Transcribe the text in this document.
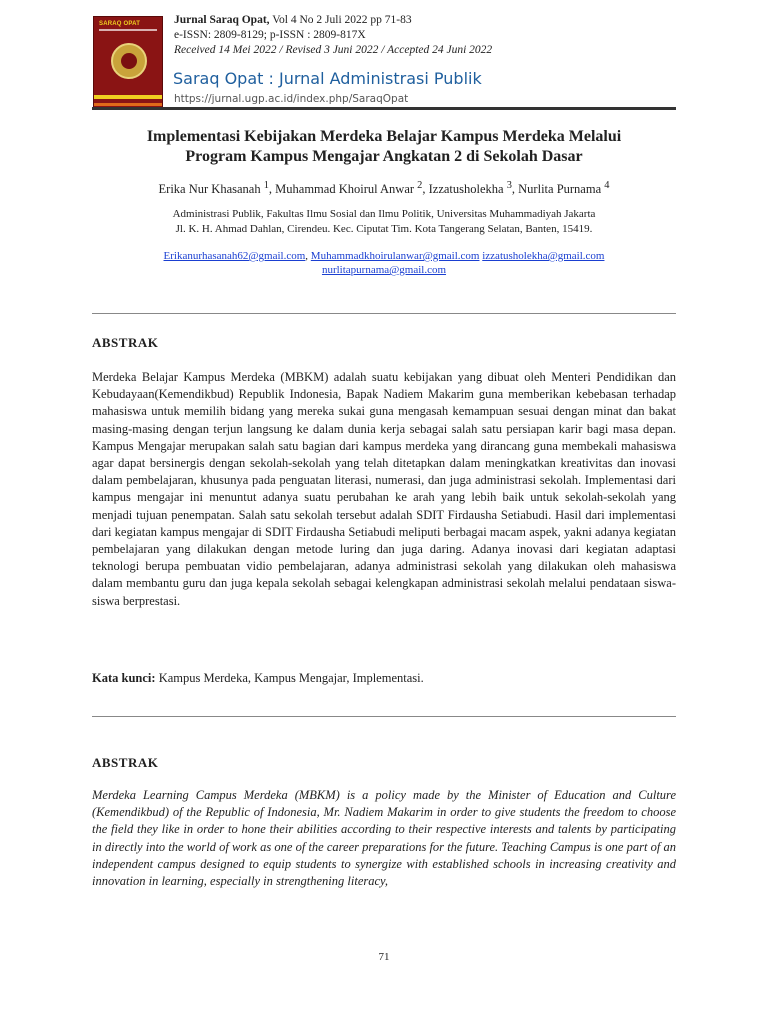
SARAQ OPAT	Jurnal Saraq Opat, Vol 4 No 2 Juli 2022 pp 71-83
e-ISSN: 2809-8129; p-ISSN : 2809-817X
Received 14 Mei 2022 / Revised 3 Juni 2022 / Accepted 24 Juni 2022
Saraq Opat : Jurnal Administrasi Publik
https://jurnal.ugp.ac.id/index.php/SaraqOpat
Implementasi Kebijakan Merdeka Belajar Kampus Merdeka Melalui
Program Kampus Mengajar Angkatan 2 di Sekolah Dasar
Erika Nur Khasanah $^1$, Muhammad Khoirul Anwar $^2$, Izzatusholekha $^3$, Nurlita Purnama $^4$
Administrasi Publik, Fakultas Ilmu Sosial dan Ilmu Politik, Universitas Muhammadiyah Jakarta
Jl. K. H. Ahmad Dahlan, Cirendeu. Kec. Ciputat Tim. Kota Tangerang Selatan, Banten, 15419.
Erikanurhasanah62@gmail.com, Muhammadkhoirulanwar@gmail.com izzatusholekha@gmail.com
nurlitapurnama@gmail.com
ABSTRAK

Merdeka Belajar Kampus Merdeka (MBKM) adalah suatu kebijakan yang dibuat oleh Menteri Pendidikan dan Kebudayaan(Kemendikbud) Republik Indonesia, Bapak Nadiem Makarim guna memberikan kebebasan terhadap mahasiswa untuk memilih bidang yang mereka sukai guna mengasah kemampuan sesuai dengan minat dan bakat masing-masing dengan terjun langsung ke dalam dunia kerja sebagai salah satu persiapan karir bagi masa depan. Kampus Mengajar merupakan salah satu bagian dari kampus merdeka yang dirancang guna membekali mahasiswa agar dapat bersinergis dengan sekolah-sekolah yang telah ditetapkan dalam meningkatkan kreativitas dan inovasi dalam pembelajaran, khusunya pada penguatan literasi, numerasi, dan juga administrasi sekolah. Implementasi dari kampus mengajar ini menuntut adanya suatu perubahan ke arah yang lebih baik untuk sekolah-sekolah yang menjadi tujuan penempatan. Salah satu sekolah tersebut adalah SDIT Firdausha Setiabudi. Hasil dari implementasi dari kegiatan kampus mengajar di SDIT Firdausha Setiabudi meliputi berbagai macam aspek, yakni adanya kegiatan pembelajaran yang dilakukan dengan metode luring dan juga daring. Adanya inovasi dari kegiatan adaptasi teknologi berupa pembuatan vidio pembelajaran, adanya administrasi sekolah yang dilakukan oleh mahasiswa dalam membantu guru dan juga kepala sekolah sebagai kelengkapan administrasi sekolah melalui pendataan siswa-siswa berprestasi.

Kata kunci: Kampus Merdeka, Kampus Mengajar, Implementasi.
ABSTRAK

Merdeka Learning Campus Merdeka (MBKM) is a policy made by the Minister of Education and Culture (Kemendikbud) of the Republic of Indonesia, Mr. Nadiem Makarim in order to give students the freedom to choose the field they like in order to hone their abilities according to their respective interests and talents by participating in directly into the world of work as one of the career preparations for the future. Teaching Campus is one part of an independent campus designed to equip students to synergize with established schools in increasing creativity and innovation in learning, especially in strengthening literacy,

71
